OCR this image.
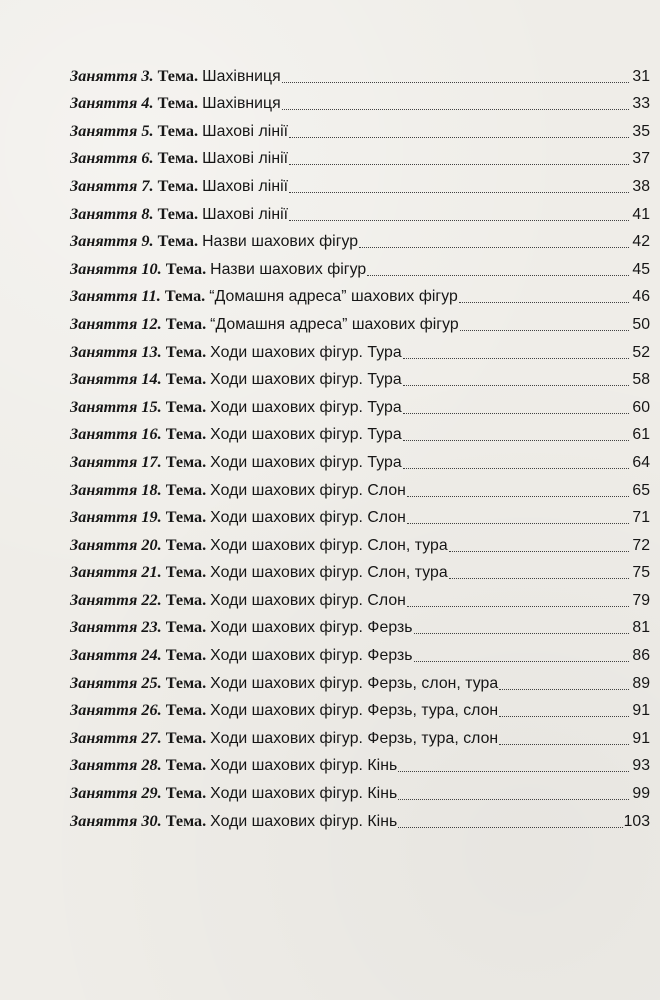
Заняття 3. Тема. Шахівниця	31
Заняття 4. Тема. Шахівниця	33
Заняття 5. Тема. Шахові лінії	35
Заняття 6. Тема. Шахові лінії	37
Заняття 7. Тема. Шахові лінії	38
Заняття 8. Тема. Шахові лінії	41
Заняття 9. Тема. Назви шахових фігур	42
Заняття 10. Тема. Назви шахових фігур	45
Заняття 11. Тема. “Домашня адреса” шахових фігур	46
Заняття 12. Тема. “Домашня адреса” шахових фігур	50
Заняття 13. Тема. Ходи шахових фігур. Тура	52
Заняття 14. Тема. Ходи шахових фігур. Тура	58
Заняття 15. Тема. Ходи шахових фігур. Тура	60
Заняття 16. Тема. Ходи шахових фігур. Тура	61
Заняття 17. Тема. Ходи шахових фігур. Тура	64
Заняття 18. Тема. Ходи шахових фігур. Слон	65
Заняття 19. Тема. Ходи шахових фігур. Слон	71
Заняття 20. Тема. Ходи шахових фігур. Слон, тура	72
Заняття 21. Тема. Ходи шахових фігур. Слон, тура	75
Заняття 22. Тема. Ходи шахових фігур. Слон	79
Заняття 23. Тема. Ходи шахових фігур. Ферзь	81
Заняття 24. Тема. Ходи шахових фігур. Ферзь	86
Заняття 25. Тема. Ходи шахових фігур. Ферзь, слон, тура	89
Заняття 26. Тема. Ходи шахових фігур. Ферзь, тура, слон	91
Заняття 27. Тема. Ходи шахових фігур. Ферзь, тура, слон	91
Заняття 28. Тема. Ходи шахових фігур. Кінь	93
Заняття 29. Тема. Ходи шахових фігур. Кінь	99
Заняття 30. Тема. Ходи шахових фігур. Кінь	103
